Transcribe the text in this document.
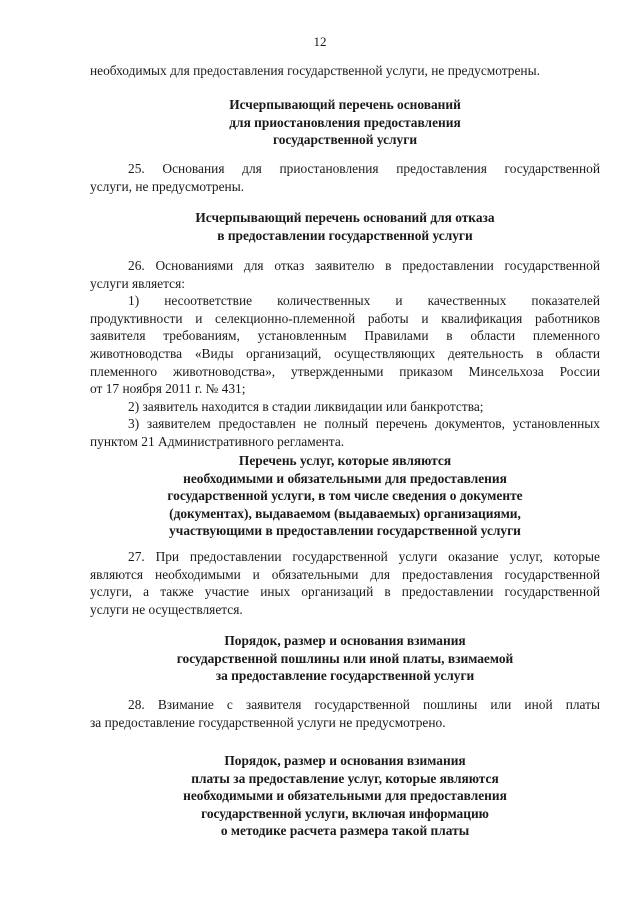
12
необходимых для предоставления государственной услуги, не предусмотрены.
Исчерпывающий перечень оснований
для приостановления предоставления
государственной услуги
25. Основания для приостановления предоставления государственной
услуги, не предусмотрены.
Исчерпывающий перечень оснований для отказа
в предоставлении государственной услуги
26. Основаниями для отказ заявителю в предоставлении государственной
услуги является:
1) несоответствие количественных и качественных показателей
продуктивности и селекционно-племенной работы и квалификация работников
заявителя требованиям, установленным Правилами в области племенного
животноводства «Виды организаций, осуществляющих деятельность в области
племенного животноводства», утвержденными приказом Минсельхоза России
от 17 ноября 2011 г. № 431;
2) заявитель находится в стадии ликвидации или банкротства;
3) заявителем предоставлен не полный перечень документов, установленных
пунктом 21 Административного регламента.
Перечень услуг, которые являются
необходимыми и обязательными для предоставления
государственной услуги, в том числе сведения о документе
(документах), выдаваемом (выдаваемых) организациями,
участвующими в предоставлении государственной услуги
27. При предоставлении государственной услуги оказание услуг, которые
являются необходимыми и обязательными для предоставления государственной
услуги, а также участие иных организаций в предоставлении государственной
услуги не осуществляется.
Порядок, размер и основания взимания
государственной пошлины или иной платы, взимаемой
за предоставление государственной услуги
28. Взимание с заявителя государственной пошлины или иной платы
за предоставление государственной услуги не предусмотрено.
Порядок, размер и основания взимания
платы за предоставление услуг, которые являются
необходимыми и обязательными для предоставления
государственной услуги, включая информацию
о методике расчета размера такой платы
